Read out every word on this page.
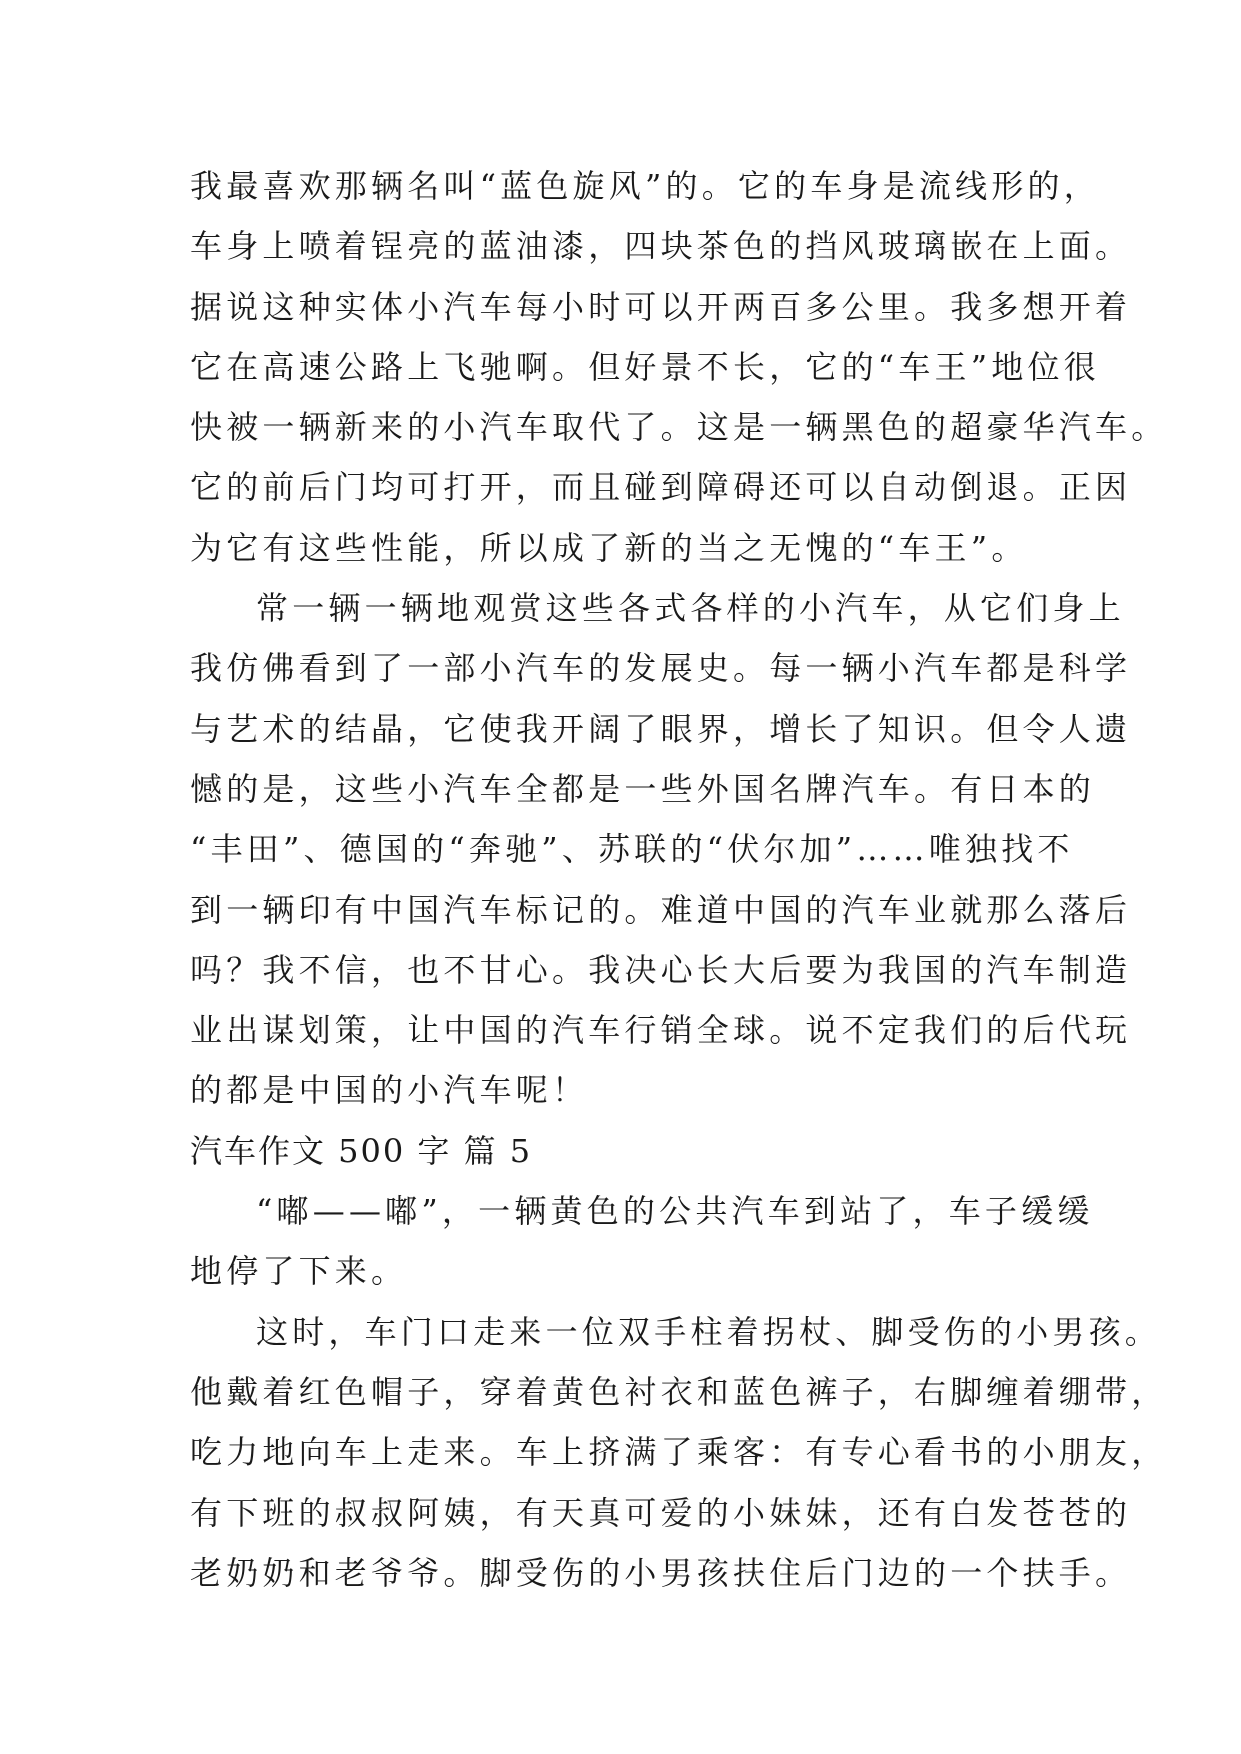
我最喜欢那辆名叫“蓝色旋风”的。它的车身是流线形的，
车身上喷着锃亮的蓝油漆，四块茶色的挡风玻璃嵌在上面。
据说这种实体小汽车每小时可以开两百多公里。我多想开着
它在高速公路上飞驰啊。但好景不长，它的“车王”地位很
快被一辆新来的小汽车取代了。这是一辆黑色的超豪华汽车。
它的前后门均可打开，而且碰到障碍还可以自动倒退。正因
为它有这些性能，所以成了新的当之无愧的“车王”。
常一辆一辆地观赏这些各式各样的小汽车，从它们身上
我仿佛看到了一部小汽车的发展史。每一辆小汽车都是科学
与艺术的结晶，它使我开阔了眼界，增长了知识。但令人遗
憾的是，这些小汽车全都是一些外国名牌汽车。有日本的
“丰田”、德国的“奔驰”、苏联的“伏尔加”……唯独找不
到一辆印有中国汽车标记的。难道中国的汽车业就那么落后
吗？我不信，也不甘心。我决心长大后要为我国的汽车制造
业出谋划策，让中国的汽车行销全球。说不定我们的后代玩
的都是中国的小汽车呢！
汽车作文 500 字 篇 5
“嘟——嘟”，一辆黄色的公共汽车到站了，车子缓缓
地停了下来。
这时，车门口走来一位双手柱着拐杖、脚受伤的小男孩。
他戴着红色帽子，穿着黄色衬衣和蓝色裤子，右脚缠着绷带，
吃力地向车上走来。车上挤满了乘客：有专心看书的小朋友，
有下班的叔叔阿姨，有天真可爱的小妹妹，还有白发苍苍的
老奶奶和老爷爷。脚受伤的小男孩扶住后门边的一个扶手。
